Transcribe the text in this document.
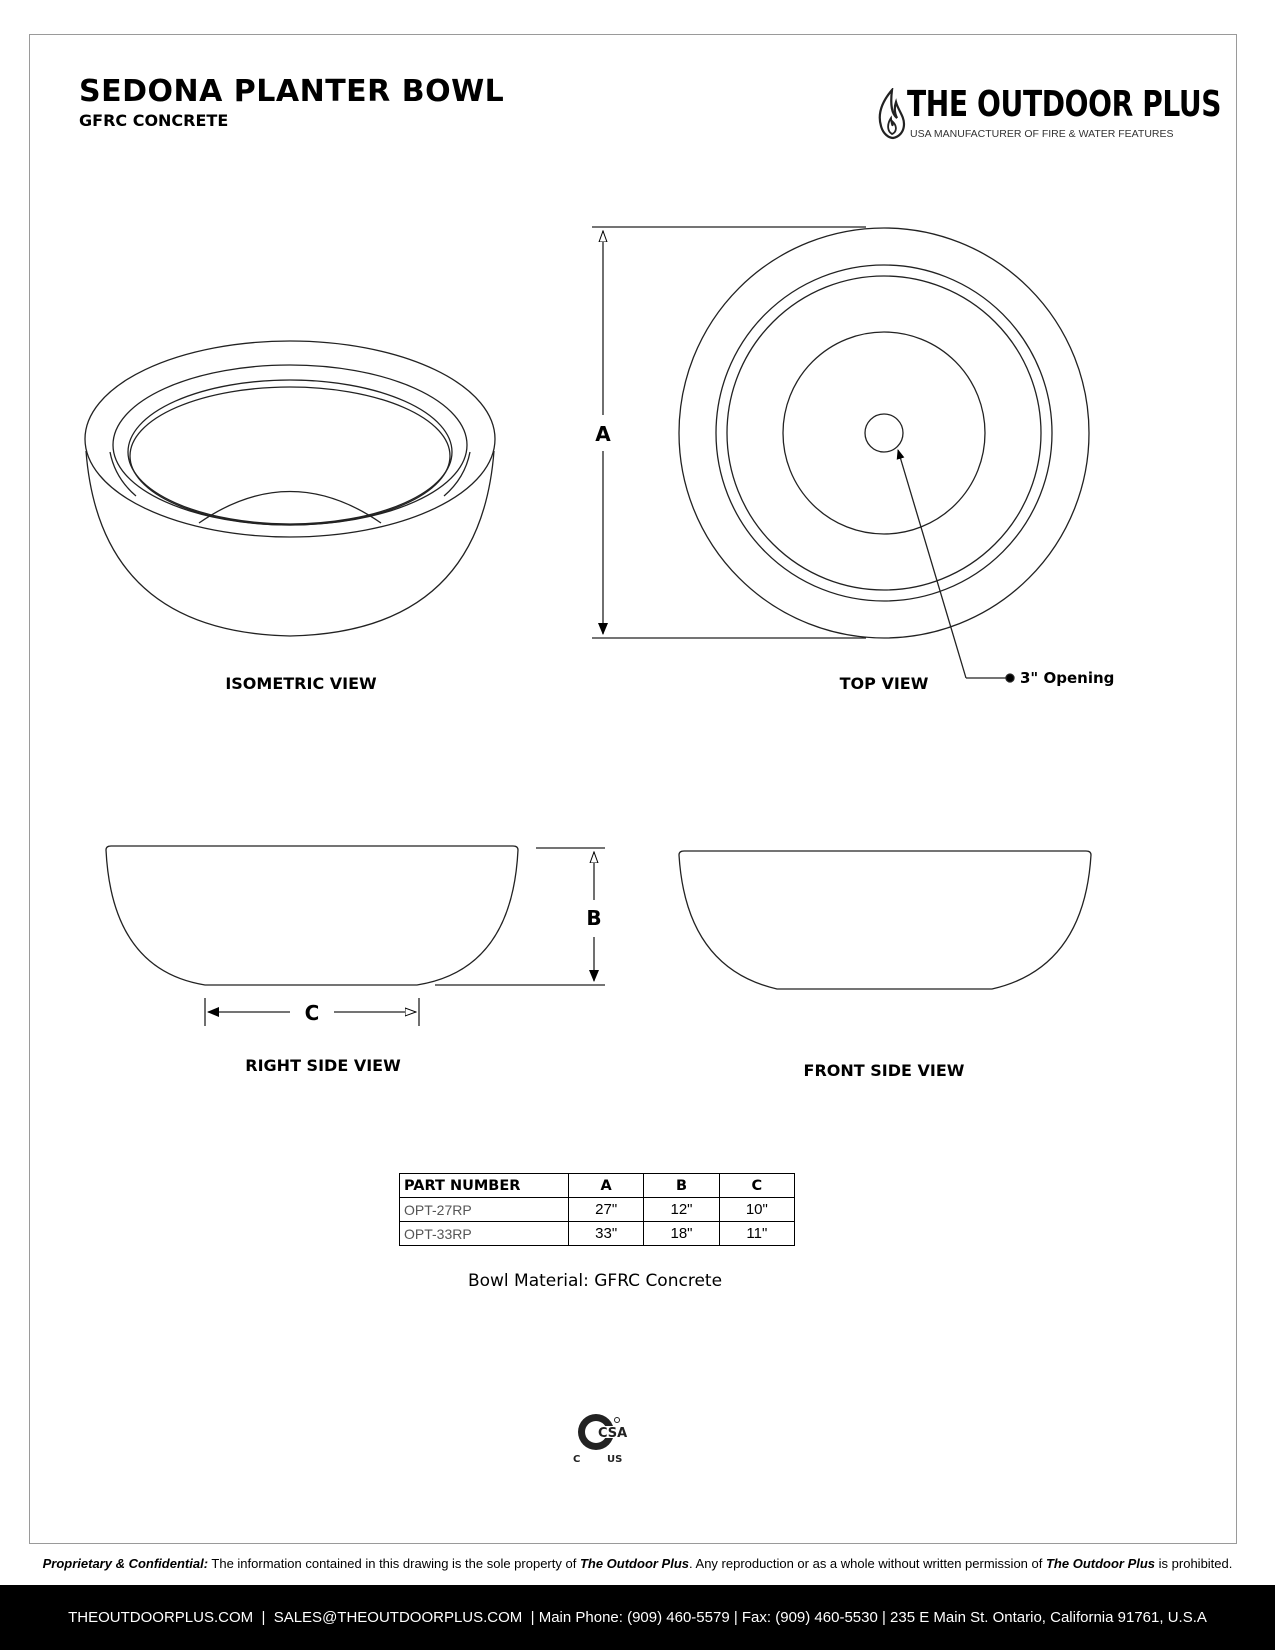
SEDONA PLANTER BOWL
GFRC CONCRETE	THE OUTDOOR PLUS
USA MANUFACTURER OF FIRE & WATER FEATURES
A
B
C
3" Opening
ISOMETRIC VIEW	TOP VIEW
RIGHT SIDE VIEW	FRONT SIDE VIEW
PART NUMBER	A	B	C
OPT-27RP	27"	12"	10"
OPT-33RP	33"	18"	11"
Bowl Material: GFRC Concrete
CSA
C	US
Proprietary & Confidential: The information contained in this drawing is the sole property of The Outdoor Plus. Any reproduction or as a whole without written permission of The Outdoor Plus is prohibited.
THEOUTDOORPLUS.COM  |  SALES@THEOUTDOORPLUS.COM  | Main Phone: (909) 460-5579 | Fax: (909) 460-5530 | 235 E Main St. Ontario, California 91761, U.S.A
